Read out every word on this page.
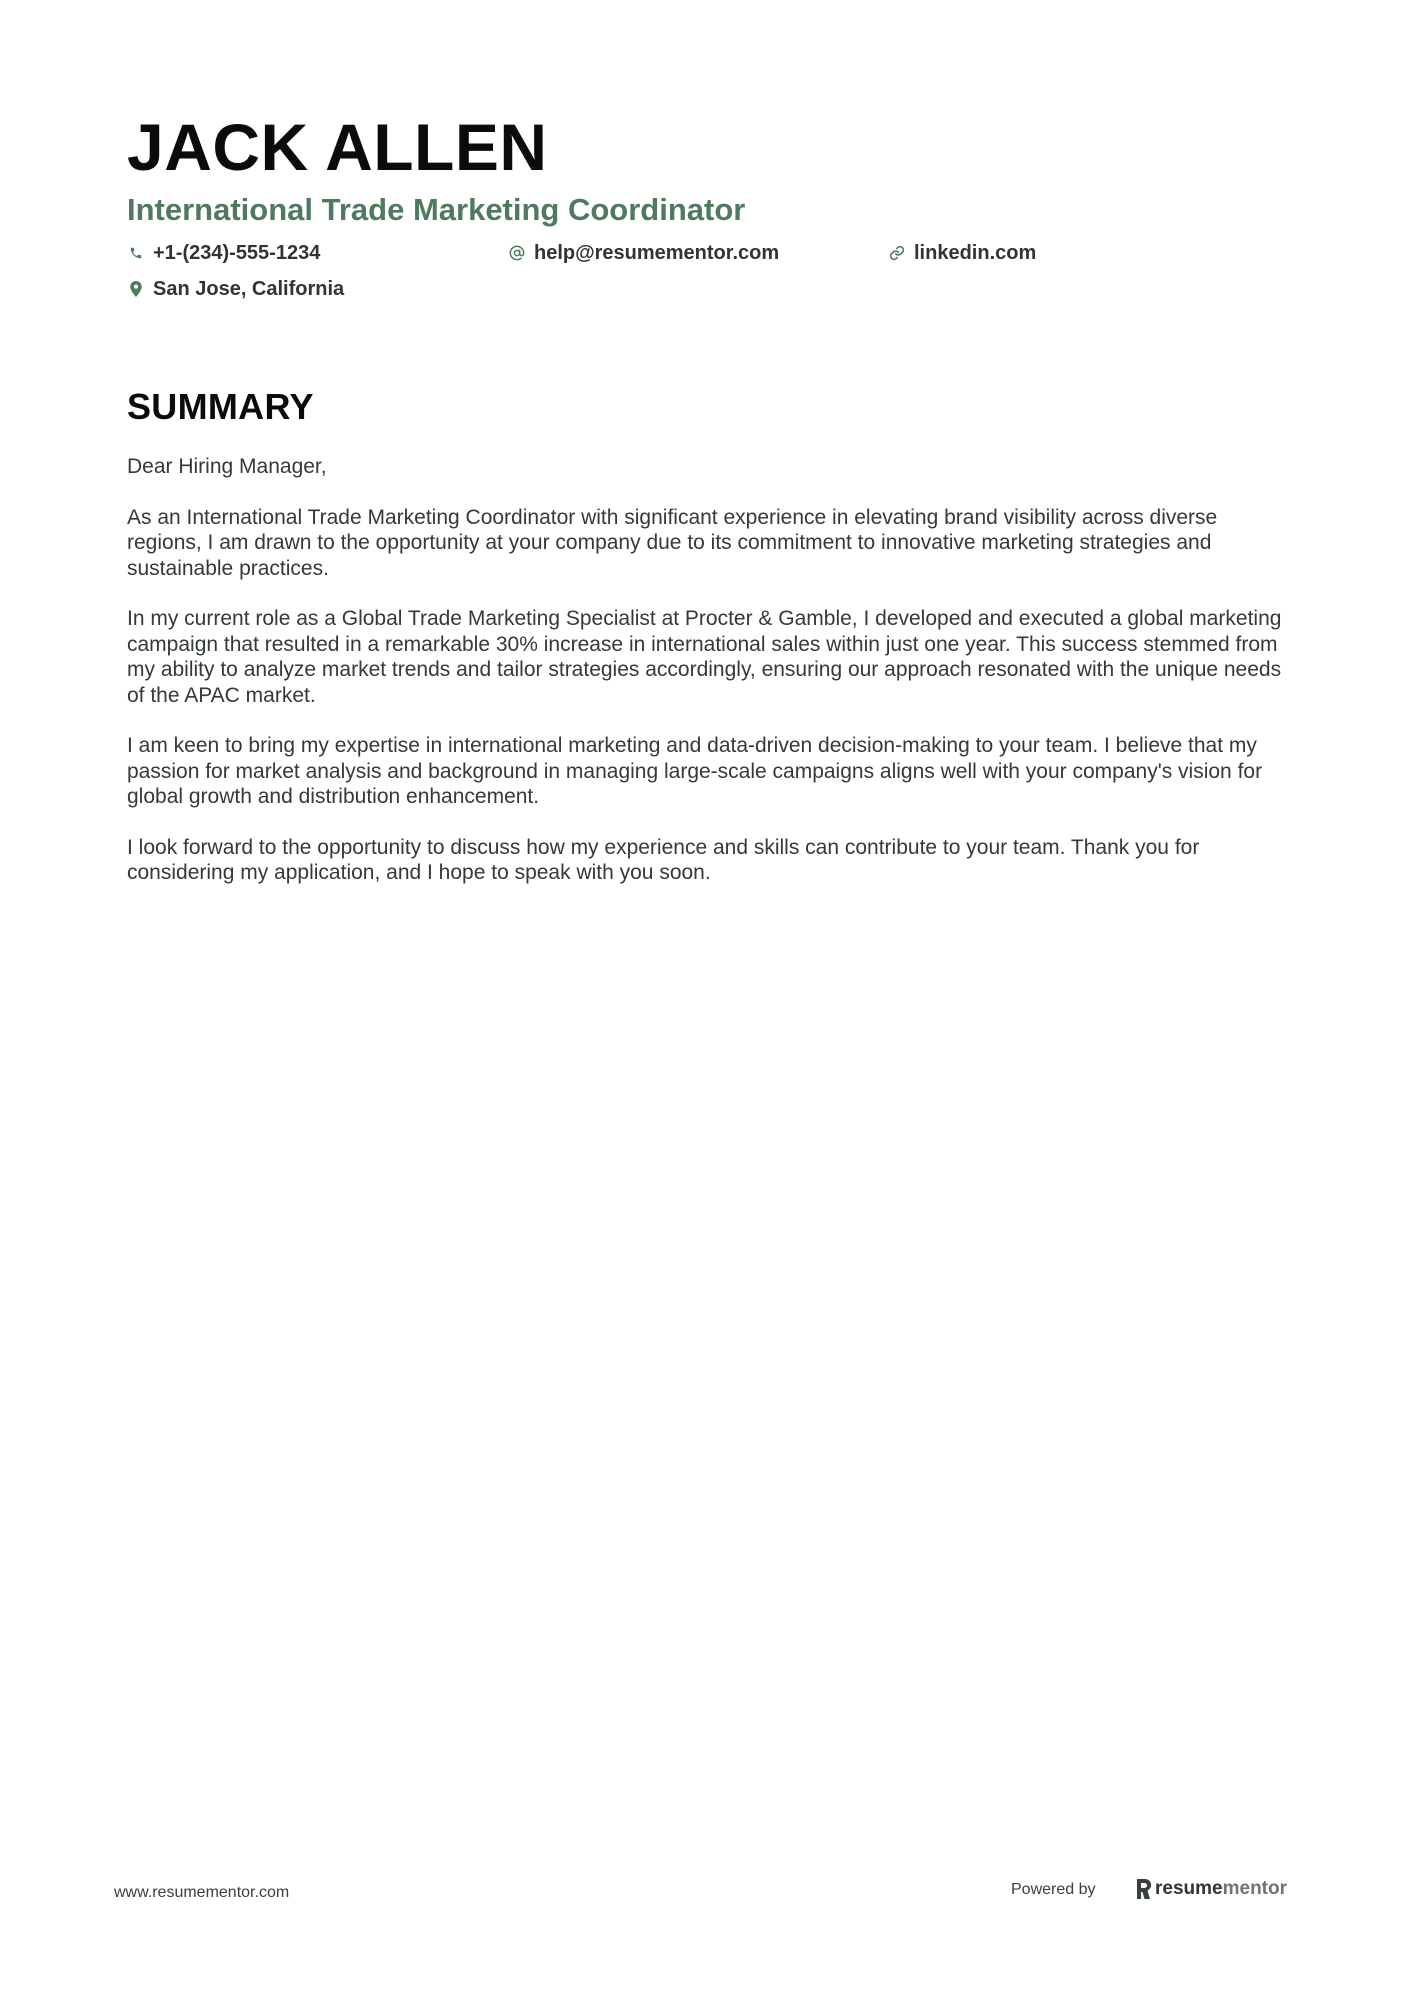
JACK ALLEN
International Trade Marketing Coordinator
+1-(234)-555-1234	help@resumementor.com	linkedin.com
San Jose, California
SUMMARY

Dear Hiring Manager,

As an International Trade Marketing Coordinator with significant experience in elevating brand visibility across diverse regions, I am drawn to the opportunity at your company due to its commitment to innovative marketing strategies and sustainable practices.

In my current role as a Global Trade Marketing Specialist at Procter & Gamble, I developed and executed a global marketing campaign that resulted in a remarkable 30% increase in international sales within just one year. This success stemmed from my ability to analyze market trends and tailor strategies accordingly, ensuring our approach resonated with the unique needs of the APAC market.

I am keen to bring my expertise in international marketing and data-driven decision-making to your team. I believe that my passion for market analysis and background in managing large-scale campaigns aligns well with your company's vision for global growth and distribution enhancement.

I look forward to the opportunity to discuss how my experience and skills can contribute to your team. Thank you for considering my application, and I hope to speak with you soon.

www.resumementor.com	Powered by	resume mentor
